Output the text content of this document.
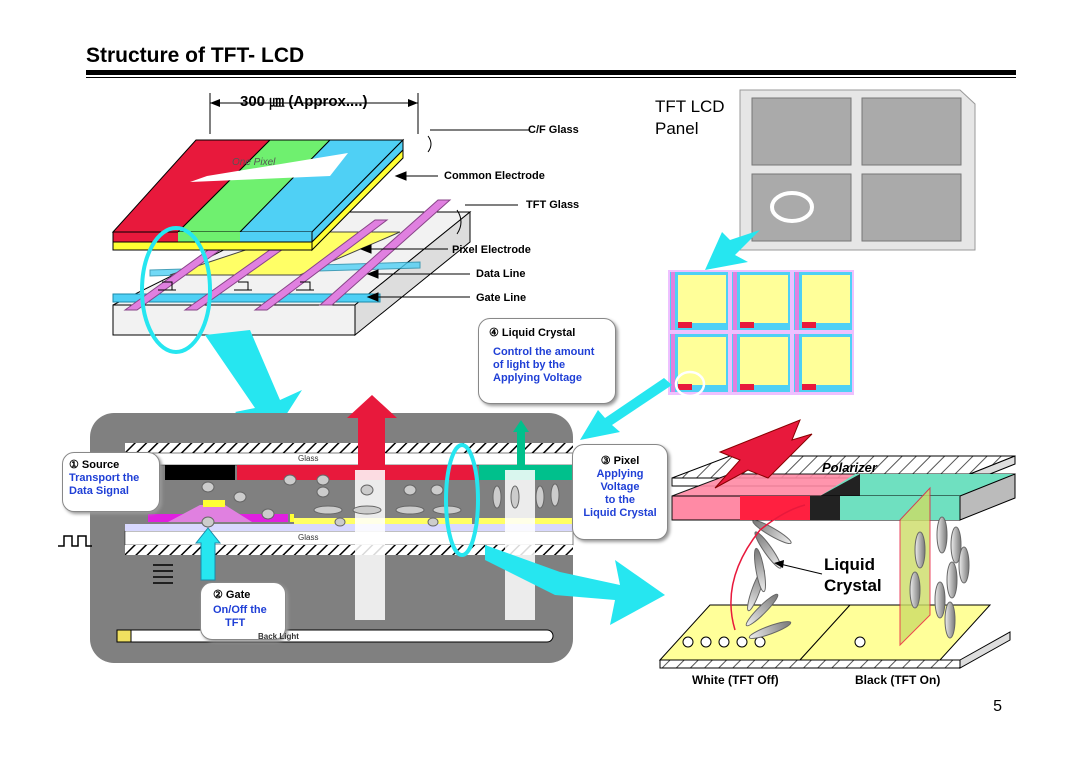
Structure of TFT- LCD
300 ㎛ (Approx....)
One Pixel
C/F Glass
Common Electrode
TFT Glass
Pixel Electrode
Data Line
Gate Line
TFT LCD
Panel
④ Liquid Crystal
Control the amount
of light by the
Applying Voltage
① Source
Transport the
Data Signal
③ Pixel
Applying
Voltage
to the
Liquid Crystal
② Gate
On/Off the
TFT
Glass
Glass
Back Light
Polarizer
Liquid
Crystal
White (TFT Off)	Black (TFT On)
5
